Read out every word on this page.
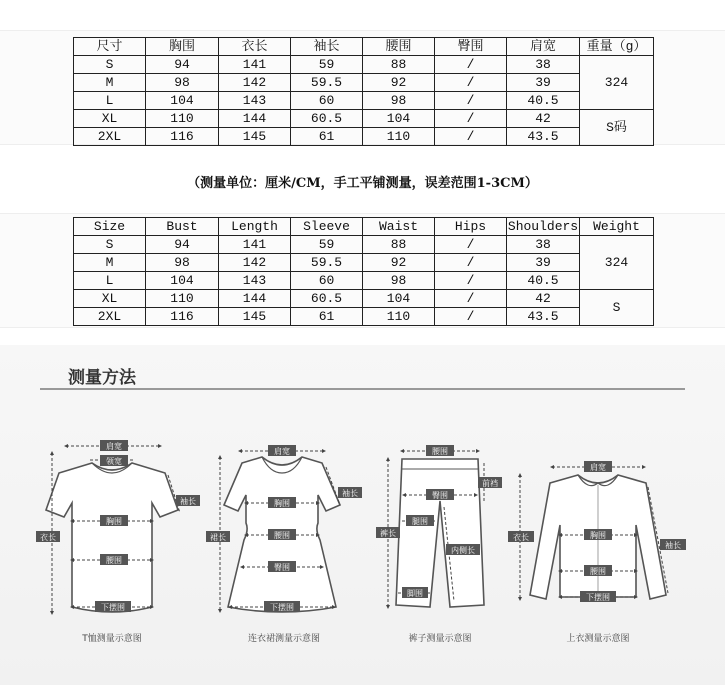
尺寸	胸围	衣长	袖长	腰围	臀围	肩宽	重量（g）
S	94	141	59	88	/	38	324
M	98	142	59.5	92	/	39	
L	104	143	60	98	/	40.5	
XL	110	144	60.5	104	/	42	S码
2XL	116	145	61	110	/	43.5	
（测量单位：厘米/CM，手工平铺测量，误差范围1-3CM）
Size	Bust	Length	Sleeve	Waist	Hips	Shoulders	Weight
S	94	141	59	88	/	38	324
M	98	142	59.5	92	/	39	
L	104	143	60	98	/	40.5	
XL	110	144	60.5	104	/	42	S
2XL	116	145	61	110	/	43.5	
测量方法
肩宽
领宽
袖长
胸围
衣长
腰围
下摆围
T恤测量示意图
肩宽
袖长
胸围
裙长	腰围
臀围
下摆围
连衣裙测量示意图
腰围
前裆
臀围
裤长
腿围
内侧长
脚围
裤子测量示意图
肩宽
衣长	胸围
袖长
腰围
下摆围
上衣测量示意图
